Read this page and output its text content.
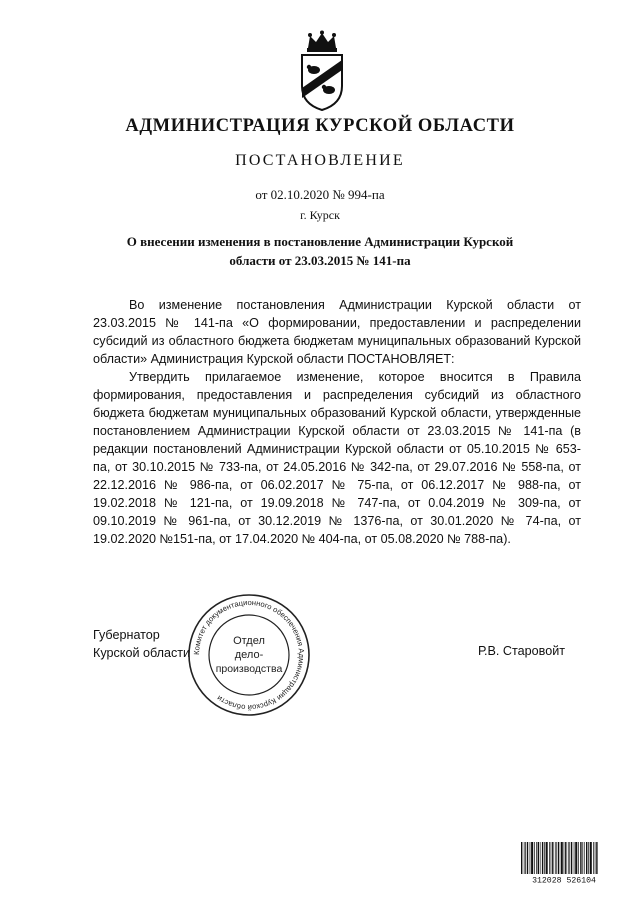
АДМИНИСТРАЦИЯ КУРСКОЙ ОБЛАСТИ
ПОСТАНОВЛЕНИЕ
от 02.10.2020 № 994-па
г. Курск
О внесении изменения в постановление Администрации Курской
области от 23.03.2015 № 141-па

Во изменение постановления Администрации Курской области от 23.03.2015 № 141-па «О формировании, предоставлении и распределении субсидий из областного бюджета бюджетам муниципальных образований Курской области» Администрация Курской области ПОСТАНОВЛЯЕТ:

Утвердить прилагаемое изменение, которое вносится в Правила формирования, предоставления и распределения субсидий из областного бюджета бюджетам муниципальных образований Курской области, утвержденные постановлением Администрации Курской области от 23.03.2015 № 141-па (в редакции постановлений Администрации Курской области от 05.10.2015 № 653-па, от 30.10.2015 № 733-па, от 24.05.2016 № 342-па, от 29.07.2016 № 558-па, от 22.12.2016 № 986-па, от 06.02.2017 № 75-па, от 06.12.2017 № 988-па, от 19.02.2018 № 121-па, от 19.09.2018 № 747-па, от 0.04.2019 № 309-па, от 09.10.2019 № 961-па, от 30.12.2019 № 1376-па, от 30.01.2020 № 74-па, от 19.02.2020 №151-па, от 17.04.2020 № 404-па, от 05.08.2020 № 788-па).

Губернатор
Курской области	Р.В. Старовойт
Комитет документационного обеспечения Администрации Курской области
Отдел
дело-
производства
312028 526104
